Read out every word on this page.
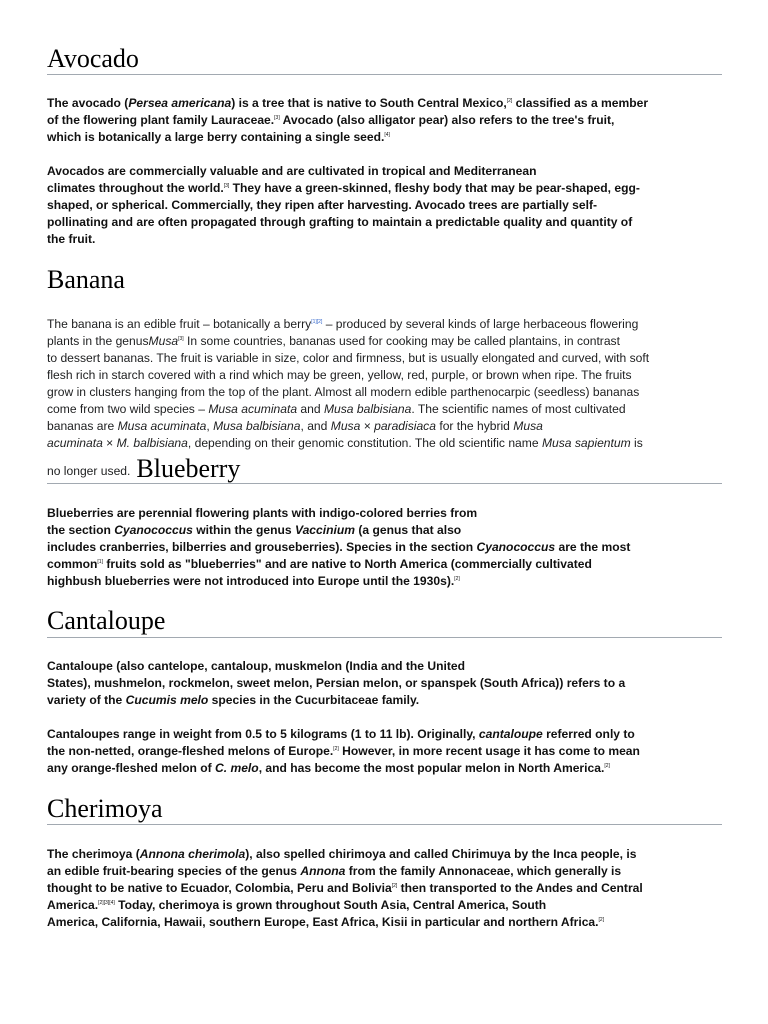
Avocado
The avocado (Persea americana) is a tree that is native to South Central Mexico,[2] classified as a member
of the flowering plant family Lauraceae.[3] Avocado (also alligator pear) also refers to the tree's fruit,
which is botanically a large berry containing a single seed.[4]
Avocados are commercially valuable and are cultivated in tropical and Mediterranean
climates throughout the world.[3] They have a green-skinned, fleshy body that may be pear-shaped, egg-
shaped, or spherical. Commercially, they ripen after harvesting. Avocado trees are partially self-
pollinating and are often propagated through grafting to maintain a predictable quality and quantity of
the fruit.
Banana
The banana is an edible fruit – botanically a berry[1][2] – produced by several kinds of large herbaceous flowering
plants in the genusMusa[3] In some countries, bananas used for cooking may be called plantains, in contrast
to dessert bananas. The fruit is variable in size, color and firmness, but is usually elongated and curved, with soft
flesh rich in starch covered with a rind which may be green, yellow, red, purple, or brown when ripe. The fruits
grow in clusters hanging from the top of the plant. Almost all modern edible parthenocarpic (seedless) bananas
come from two wild species – Musa acuminata and Musa balbisiana. The scientific names of most cultivated
bananas are Musa acuminata, Musa balbisiana, and Musa × paradisiaca for the hybrid Musa
acuminata × M. balbisiana, depending on their genomic constitution. The old scientific name Musa sapientum is
no longer used. Blueberry
Blueberries are perennial flowering plants with indigo-colored berries from
the section Cyanococcus within the genus Vaccinium (a genus that also
includes cranberries, bilberries and grouseberries). Species in the section Cyanococcus are the most
common[1] fruits sold as "blueberries" and are native to North America (commercially cultivated
highbush blueberries were not introduced into Europe until the 1930s).[2]
Cantaloupe
Cantaloupe (also cantelope, cantaloup, muskmelon (India and the United
States), mushmelon, rockmelon, sweet melon, Persian melon, or spanspek (South Africa)) refers to a
variety of the Cucumis melo species in the Cucurbitaceae family.
Cantaloupes range in weight from 0.5 to 5 kilograms (1 to 11 lb). Originally, cantaloupe referred only to
the non-netted, orange-fleshed melons of Europe.[2] However, in more recent usage it has come to mean
any orange-fleshed melon of C. melo, and has become the most popular melon in North America.[2]
Cherimoya
The cherimoya (Annona cherimola), also spelled chirimoya and called Chirimuya by the Inca people, is
an edible fruit-bearing species of the genus Annona from the family Annonaceae, which generally is
thought to be native to Ecuador, Colombia, Peru and Bolivia[2] then transported to the Andes and Central
America.[2][3][4] Today, cherimoya is grown throughout South Asia, Central America, South
America, California, Hawaii, southern Europe, East Africa, Kisii in particular and northern Africa.[2]
